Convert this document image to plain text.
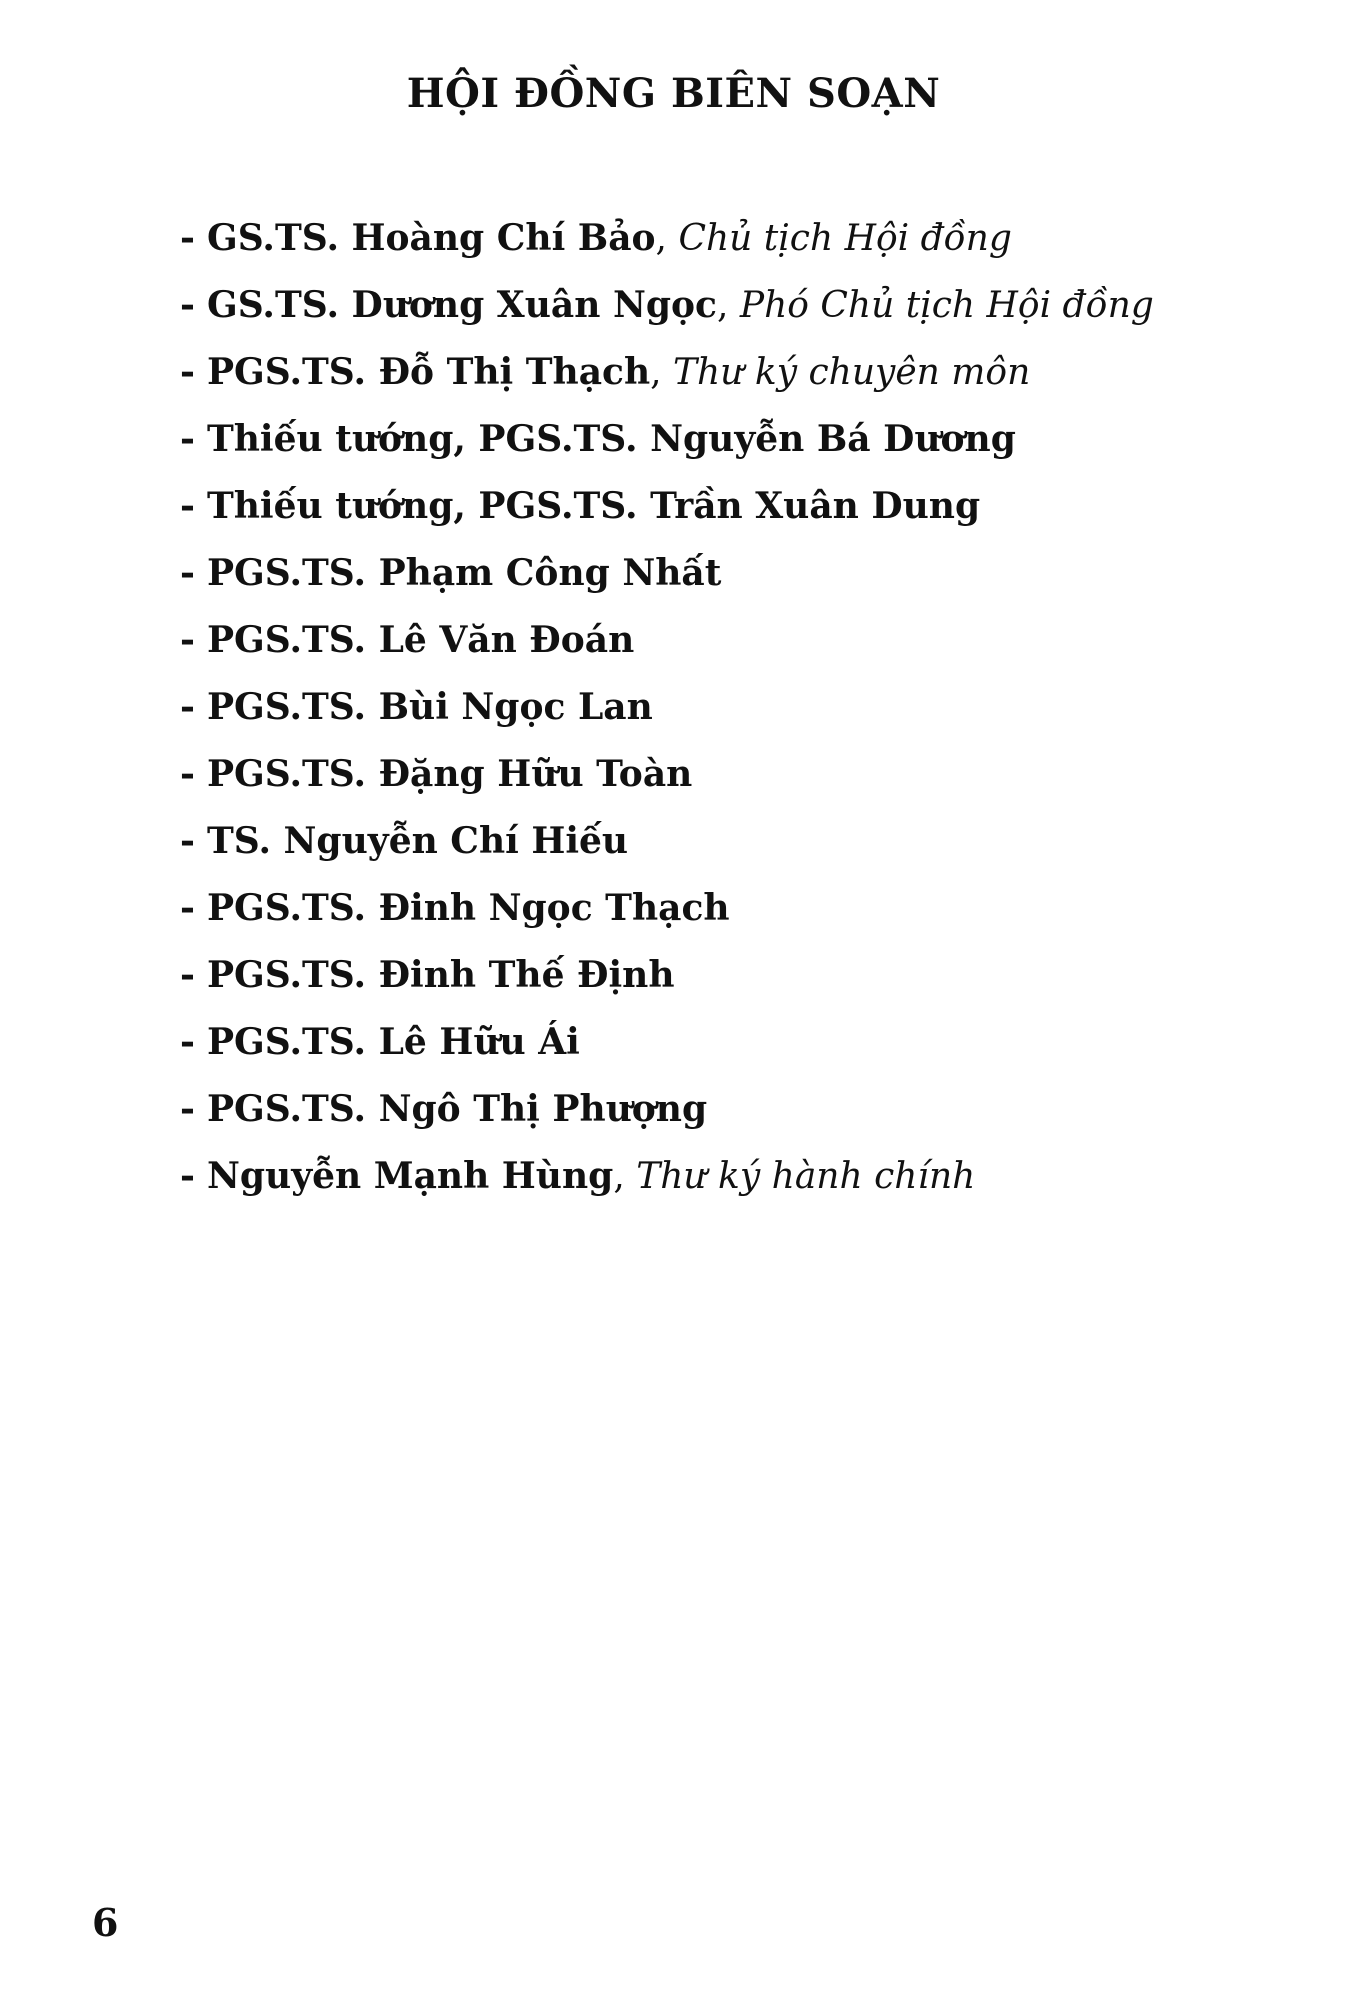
HỘI ĐỒNG BIÊN SOẠN
- GS.TS. Hoàng Chí Bảo, Chủ tịch Hội đồng
- GS.TS. Dương Xuân Ngọc, Phó Chủ tịch Hội đồng
- PGS.TS. Đỗ Thị Thạch, Thư ký chuyên môn
- Thiếu tướng, PGS.TS. Nguyễn Bá Dương
- Thiếu tướng, PGS.TS. Trần Xuân Dung
- PGS.TS. Phạm Công Nhất
- PGS.TS. Lê Văn Đoán
- PGS.TS. Bùi Ngọc Lan
- PGS.TS. Đặng Hữu Toàn
- TS. Nguyễn Chí Hiếu
- PGS.TS. Đinh Ngọc Thạch
- PGS.TS. Đinh Thế Định
- PGS.TS. Lê Hữu Ái
- PGS.TS. Ngô Thị Phượng
- Nguyễn Mạnh Hùng, Thư ký hành chính
6
